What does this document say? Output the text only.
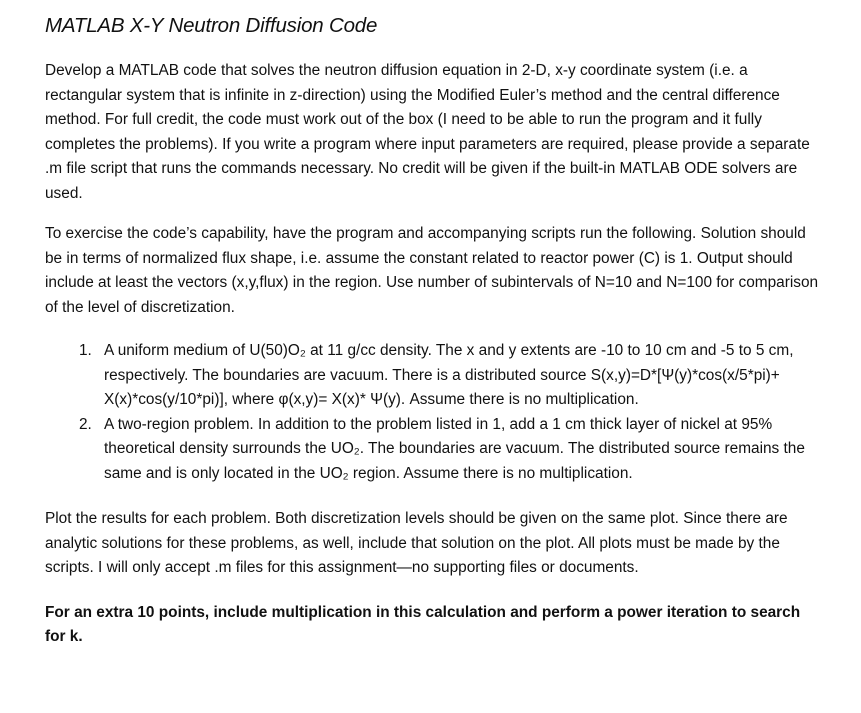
MATLAB X-Y Neutron Diffusion Code

Develop a MATLAB code that solves the neutron diffusion equation in 2-D, x-y coordinate system (i.e. a rectangular system that is infinite in z-direction) using the Modified Euler’s method and the central difference method. For full credit, the code must work out of the box (I need to be able to run the program and it fully completes the problems). If you write a program where input parameters are required, please provide a separate .m file script that runs the commands necessary. No credit will be given if the built-in MATLAB ODE solvers are used.

To exercise the code’s capability, have the program and accompanying scripts run the following. Solution should be in terms of normalized flux shape, i.e. assume the constant related to reactor power (C) is 1. Output should include at least the vectors (x,y,flux) in the region. Use number of subintervals of N=10 and N=100 for comparison of the level of discretization.

1. A uniform medium of U(50)O₂ at 11 g/cc density. The x and y extents are -10 to 10 cm and -5 to 5 cm, respectively. The boundaries are vacuum. There is a distributed source S(x,y)=D*[Ψ(y)*cos(x/5*pi)+ Χ(x)*cos(y/10*pi)], where φ(x,y)= Χ(x)* Ψ(y). Assume there is no multiplication.
2. A two-region problem. In addition to the problem listed in 1, add a 1 cm thick layer of nickel at 95% theoretical density surrounds the UO₂. The boundaries are vacuum. The distributed source remains the same and is only located in the UO₂ region. Assume there is no multiplication.

Plot the results for each problem. Both discretization levels should be given on the same plot. Since there are analytic solutions for these problems, as well, include that solution on the plot. All plots must be made by the scripts. I will only accept .m files for this assignment—no supporting files or documents.

For an extra 10 points, include multiplication in this calculation and perform a power iteration to search for k.
